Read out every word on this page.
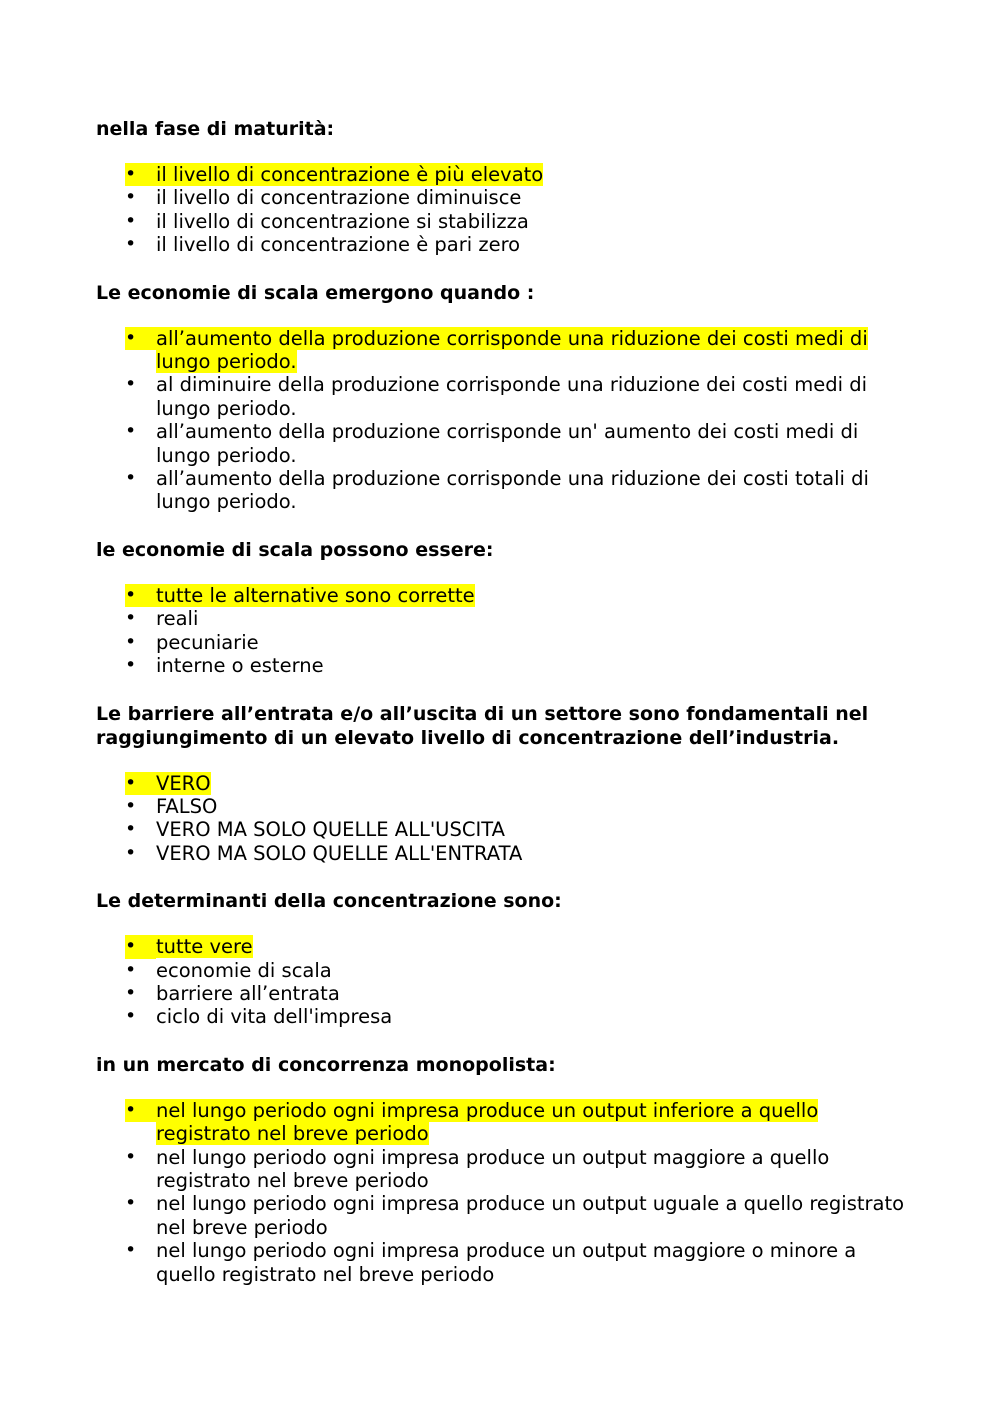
nella fase di maturità:

•	il livello di concentrazione è più elevato
•	il livello di concentrazione diminuisce
•	il livello di concentrazione si stabilizza
•	il livello di concentrazione è pari zero

Le economie di scala emergono quando :

•	all’aumento della produzione corrisponde una riduzione dei costi medi di lungo periodo.
•	al diminuire della produzione corrisponde una riduzione dei costi medi di lungo periodo.
•	all’aumento della produzione corrisponde un' aumento dei costi medi di lungo periodo.
•	all’aumento della produzione corrisponde una riduzione dei costi totali di lungo periodo.

le economie di scala possono essere:

•	tutte le alternative sono corrette
•	reali
•	pecuniarie
•	interne o esterne

Le barriere all’entrata e/o all’uscita di un settore sono fondamentali nel raggiungimento di un elevato livello di concentrazione dell’industria.

•	VERO
•	FALSO
•	VERO MA SOLO QUELLE ALL'USCITA
•	VERO MA SOLO QUELLE ALL'ENTRATA

Le determinanti della concentrazione sono:

•	tutte vere
•	economie di scala
•	barriere all’entrata
•	ciclo di vita dell'impresa

in un mercato di concorrenza monopolista:

•	nel lungo periodo ogni impresa produce un output inferiore a quello registrato nel breve periodo
•	nel lungo periodo ogni impresa produce un output maggiore a quello registrato nel breve periodo
•	nel lungo periodo ogni impresa produce un output uguale a quello registrato nel breve periodo
•	nel lungo periodo ogni impresa produce un output maggiore o minore a quello registrato nel breve periodo
